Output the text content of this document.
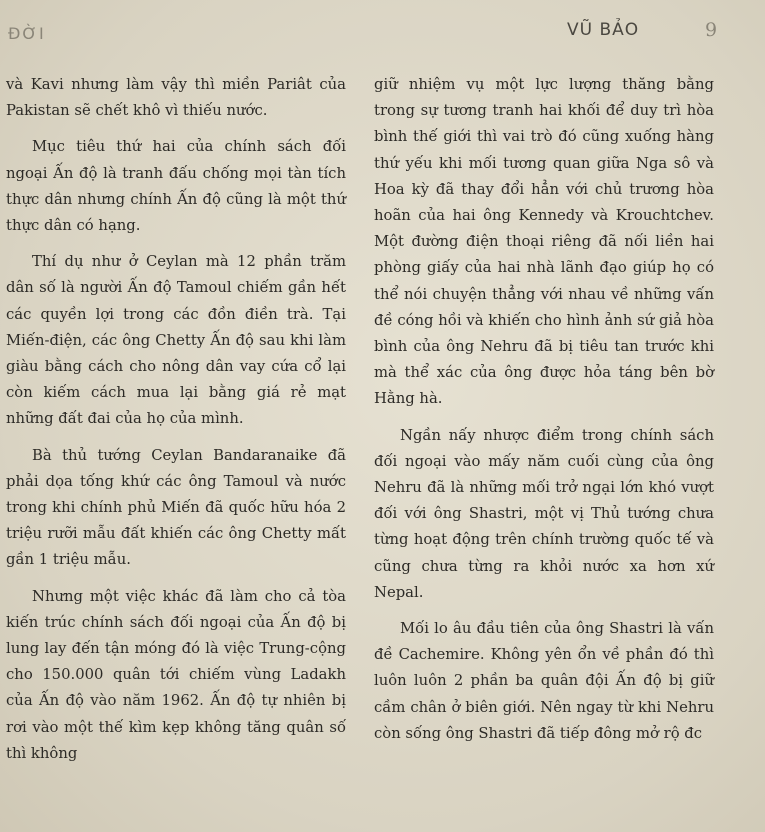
ĐỜI	VŨ BẢO	9

và Kavi nhưng làm vậy thì miền Pariât của Pakistan sẽ chết khô vì thiếu nước.

Mục tiêu thứ hai của chính sách đối ngoại Ấn độ là tranh đấu chống mọi tàn tích thực dân nhưng chính Ấn độ cũng là một thứ thực dân có hạng.

Thí dụ như ở Ceylan mà 12 phần trăm dân số là người Ấn độ Tamoul chiếm gần hết các quyền lợi trong các đồn điền trà. Tại Miến-điện, các ông Chetty Ấn độ sau khi làm giàu bằng cách cho nông dân vay cứa cổ lại còn kiếm cách mua lại bằng giá rẻ mạt những đất đai của họ của mình.

Bà thủ tướng Ceylan Bandaranaike đã phải dọa tống khứ các ông Tamoul và nước trong khi chính phủ Miến đã quốc hữu hóa 2 triệu rưỡi mẫu đất khiến các ông Chetty mất gần 1 triệu mẫu.

Nhưng một việc khác đã làm cho cả tòa kiến trúc chính sách đối ngoại của Ấn độ bị lung lay đến tận móng đó là việc Trung-cộng cho 150.000 quân tới chiếm vùng Ladakh của Ấn độ vào năm 1962. Ấn độ tự nhiên bị rơi vào một thế kìm kẹp không tăng quân số thì không

giữ nhiệm vụ một lực lượng thăng bằng trong sự tương tranh hai khối để duy trì hòa bình thế giới thì vai trò đó cũng xuống hàng thứ yếu khi mối tương quan giữa Nga sô và Hoa kỳ đã thay đổi hẳn với chủ trương hòa hoãn của hai ông Kennedy và Krouchtchev. Một đường điện thoại riêng đã nối liền hai phòng giấy của hai nhà lãnh đạo giúp họ có thể nói chuyện thẳng với nhau về những vấn đề cóng hồi và khiến cho hình ảnh sứ giả hòa bình của ông Nehru đã bị tiêu tan trước khi mà thể xác của ông được hỏa táng bên bờ Hằng hà.

Ngần nấy nhược điểm trong chính sách đối ngoại vào mấy năm cuối cùng của ông Nehru đã là những mối trở ngại lớn khó vượt đối với ông Shastri, một vị Thủ tướng chưa từng hoạt động trên chính trường quốc tế và cũng chưa từng ra khỏi nước xa hơn xứ Nepal.

Mối lo âu đầu tiên của ông Shastri là vấn đề Cachemire. Không yên ổn về phần đó thì luôn luôn 2 phần ba quân đội Ấn độ bị giữ cầm chân ở biên giới. Nên ngay từ khi Nehru còn sống ông Shastri đã tiếp đông mở rộ đc
